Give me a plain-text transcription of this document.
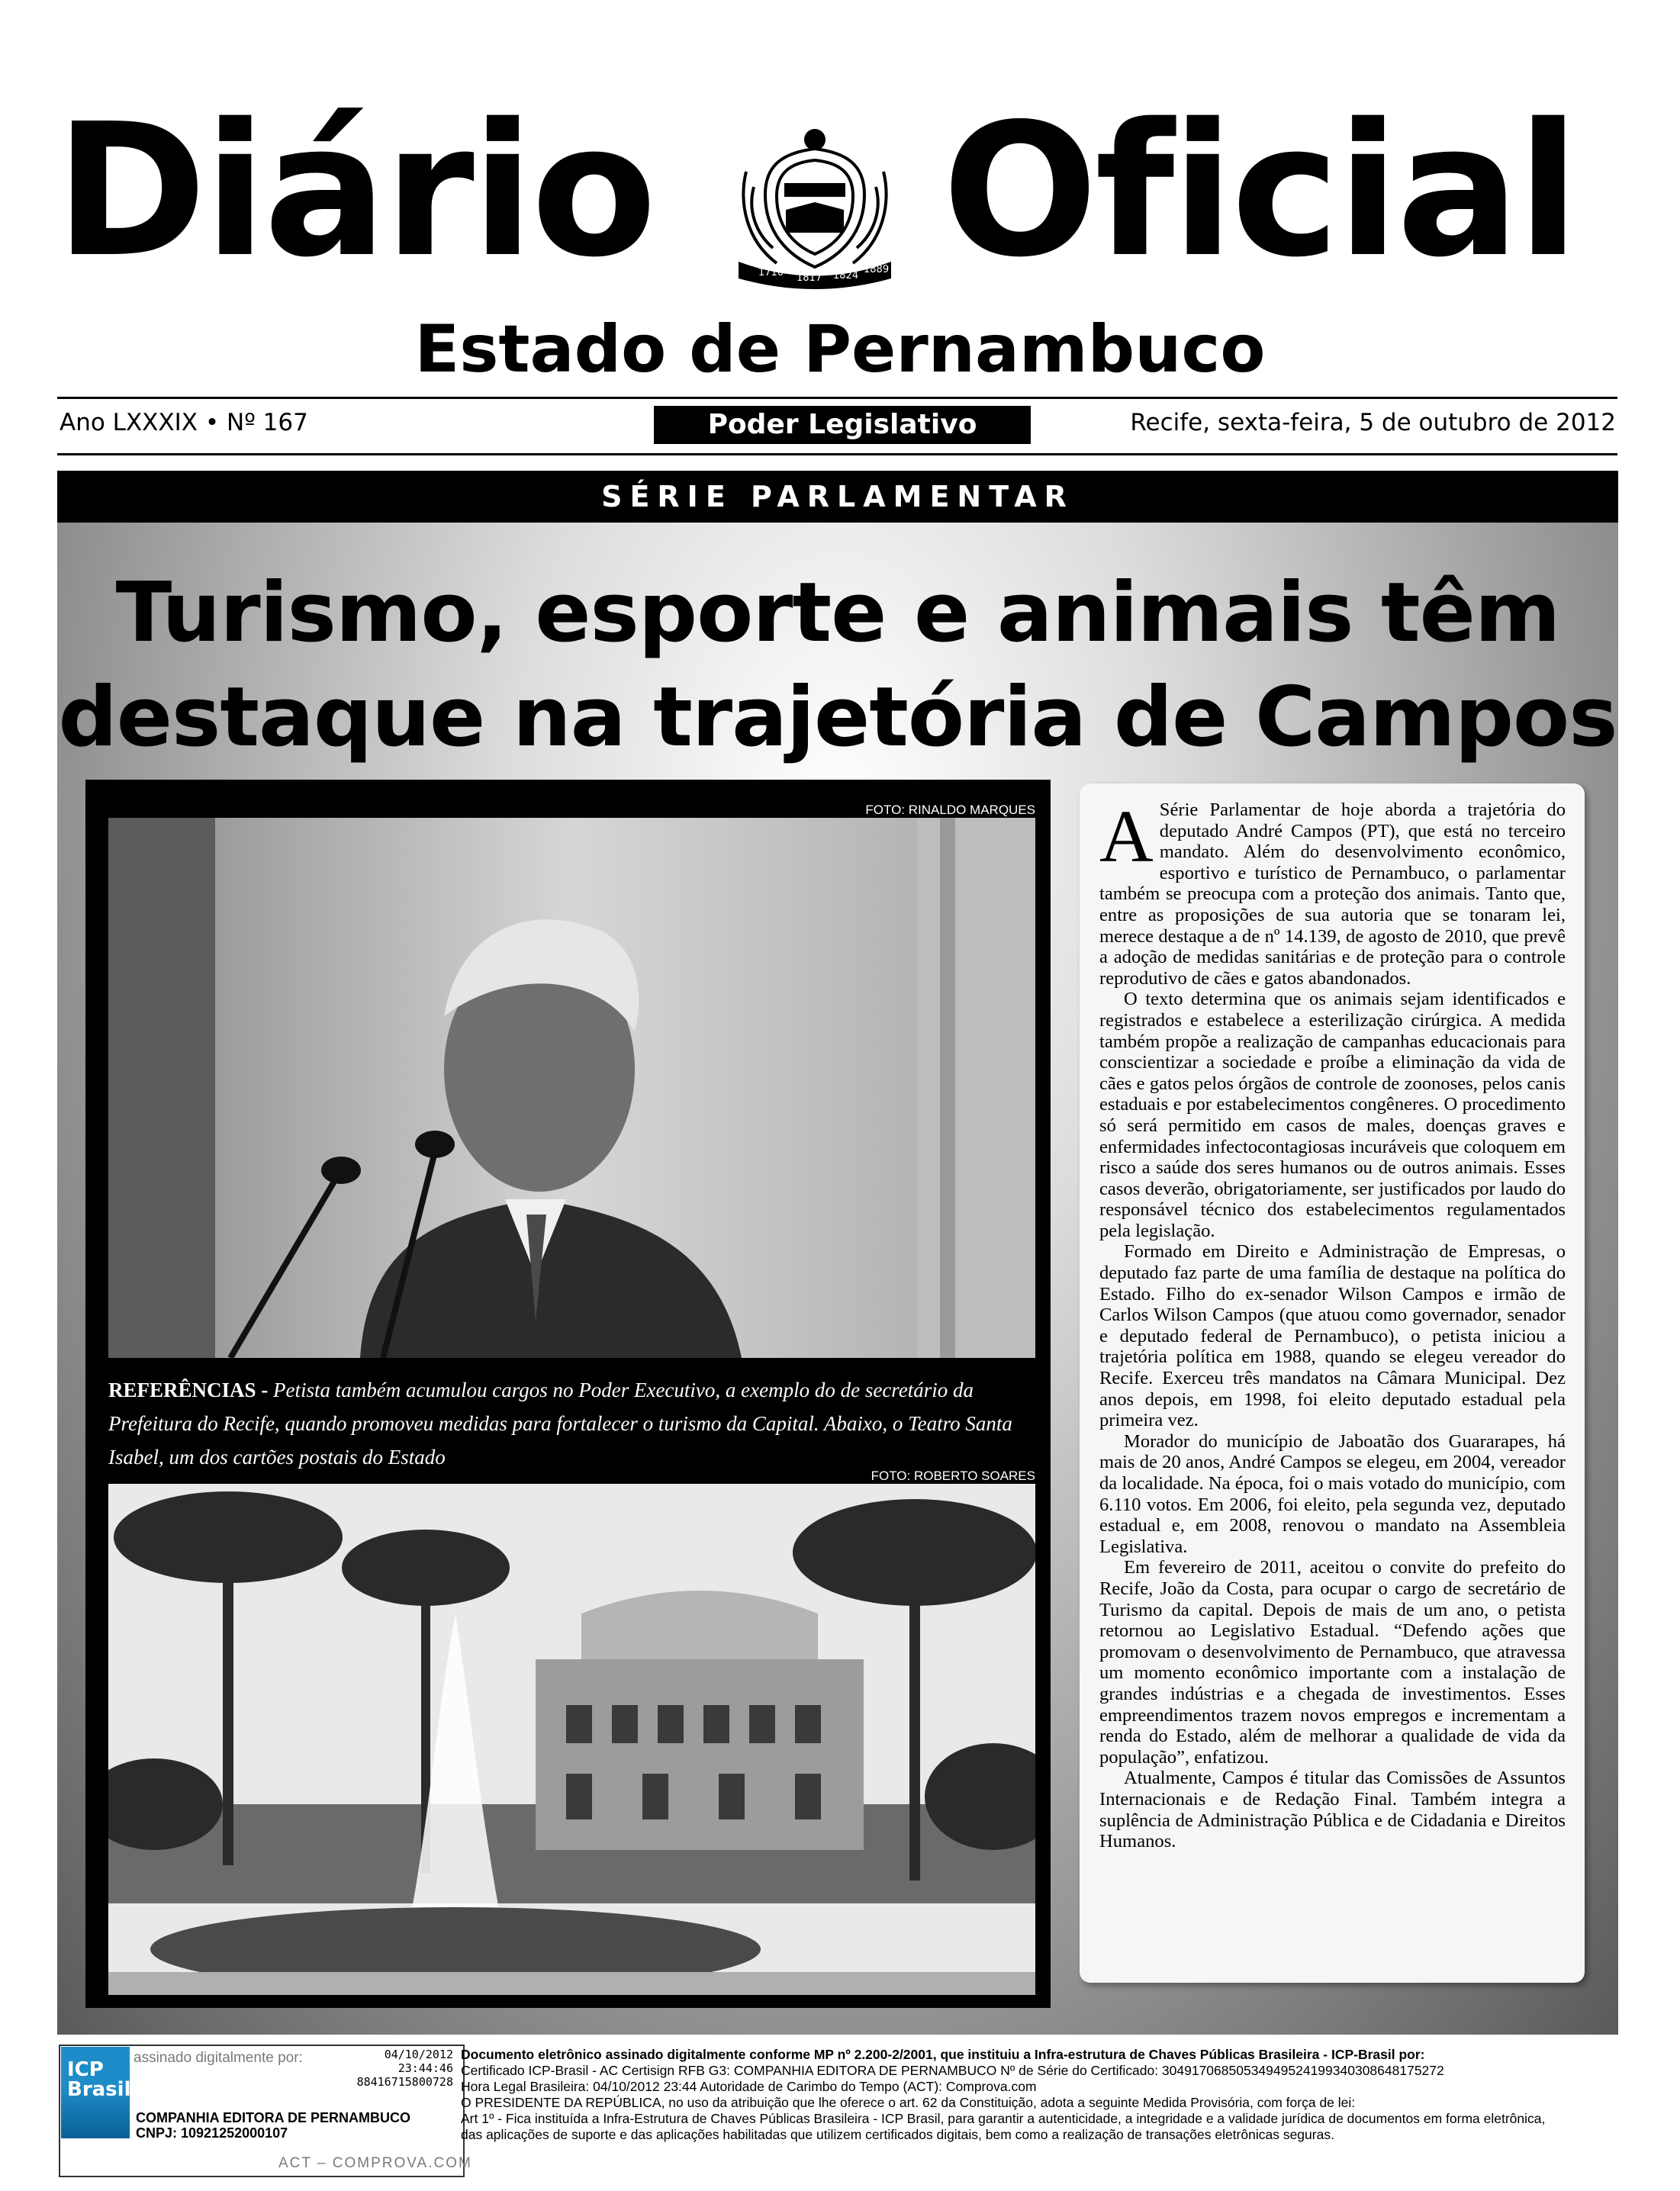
Diário	1710 1817 1824
1889 Oficial
Estado de Pernambuco
Ano LXXXIX • Nº 167	Poder Legislativo	Recife, sexta-feira, 5 de outubro de 2012
SÉRIE PARLAMENTAR
Turismo, esporte e animais têm
destaque na trajetória de Campos
FOTO: RINALDO MARQUES
REFERÊNCIAS - Petista também acumulou cargos no Poder Executivo, a exemplo do de secretário da Prefeitura do Recife, quando promoveu medidas para fortalecer o turismo da Capital. Abaixo, o Teatro Santa Isabel, um dos cartões postais do Estado
FOTO: ROBERTO SOARES

A Série Parlamentar de hoje aborda a trajetória do deputado André Campos (PT), que está no terceiro mandato. Além do desenvolvimento econômico, esportivo e turístico de Pernambuco, o parlamentar também se preocupa com a proteção dos animais. Tanto que, entre as proposições de sua autoria que se tonaram lei, merece destaque a de nº 14.139, de agosto de 2010, que prevê a adoção de medidas sanitárias e de proteção para o controle reprodutivo de cães e gatos abandonados.

O texto determina que os animais sejam identificados e registrados e estabelece a esterilização cirúrgica. A medida também propõe a realização de campanhas educacionais para conscientizar a sociedade e proíbe a eliminação da vida de cães e gatos pelos órgãos de controle de zoonoses, pelos canis estaduais e por estabelecimentos congêneres. O procedimento só será permitido em casos de males, doenças graves e enfermidades infectocontagiosas incuráveis que coloquem em risco a saúde dos seres humanos ou de outros animais. Esses casos deverão, obrigatoriamente, ser justificados por laudo do responsável técnico dos estabelecimentos regulamentados pela legislação.

Formado em Direito e Administração de Empresas, o deputado faz parte de uma família de destaque na política do Estado. Filho do ex-senador Wilson Campos e irmão de Carlos Wilson Campos (que atuou como governador, senador e deputado federal de Pernambuco), o petista iniciou a trajetória política em 1988, quando se elegeu vereador do Recife. Exerceu três mandatos na Câmara Municipal. Dez anos depois, em 1998, foi eleito deputado estadual pela primeira vez.

Morador do município de Jaboatão dos Guararapes, há mais de 20 anos, André Campos se elegeu, em 2004, vereador da localidade. Na época, foi o mais votado do município, com 6.110 votos. Em 2006, foi eleito, pela segunda vez, deputado estadual e, em 2008, renovou o mandato na Assembleia Legislativa.

Em fevereiro de 2011, aceitou o convite do prefeito do Recife, João da Costa, para ocupar o cargo de secretário de Turismo da capital. Depois de mais de um ano, o petista retornou ao Legislativo Estadual. “Defendo ações que promovam o desenvolvimento de Pernambuco, que atravessa um momento econômico importante com a instalação de grandes indústrias e a chegada de investimentos. Esses empreendimentos trazem novos empregos e incrementam a renda do Estado, além de melhorar a qualidade de vida da população”, enfatizou.

Atualmente, Campos é titular das Comissões de Assuntos Internacionais e de Redação Final. Também integra a suplência de Administração Pública e de Cidadania e Direitos Humanos.

ICP Brasil
assinado digitalmente por:	04/10/2012
23:44:46
88416715800728
COMPANHIA EDITORA DE PERNAMBUCO
CNPJ: 10921252000107
ACT – COMPROVA.COM
Documento eletrônico assinado digitalmente conforme MP nº 2.200-2/2001, que instituiu a Infra-estrutura de Chaves Públicas Brasileira - ICP-Brasil por:
Certificado ICP-Brasil - AC Certisign RFB G3: COMPANHIA EDITORA DE PERNAMBUCO Nº de Série do Certificado: 30491706850534949524199340308648175272
Hora Legal Brasileira: 04/10/2012 23:44 Autoridade de Carimbo do Tempo (ACT): Comprova.com
O PRESIDENTE DA REPÚBLICA, no uso da atribuição que lhe oferece o art. 62 da Constituição, adota a seguinte Medida Provisória, com força de lei:
Art 1º - Fica instituída a Infra-Estrutura de Chaves Públicas Brasileira - ICP Brasil, para garantir a autenticidade, a integridade e a validade jurídica de documentos em forma eletrônica,
das aplicações de suporte e das aplicações habilitadas que utilizem certificados digitais, bem como a realização de transações eletrônicas seguras.
